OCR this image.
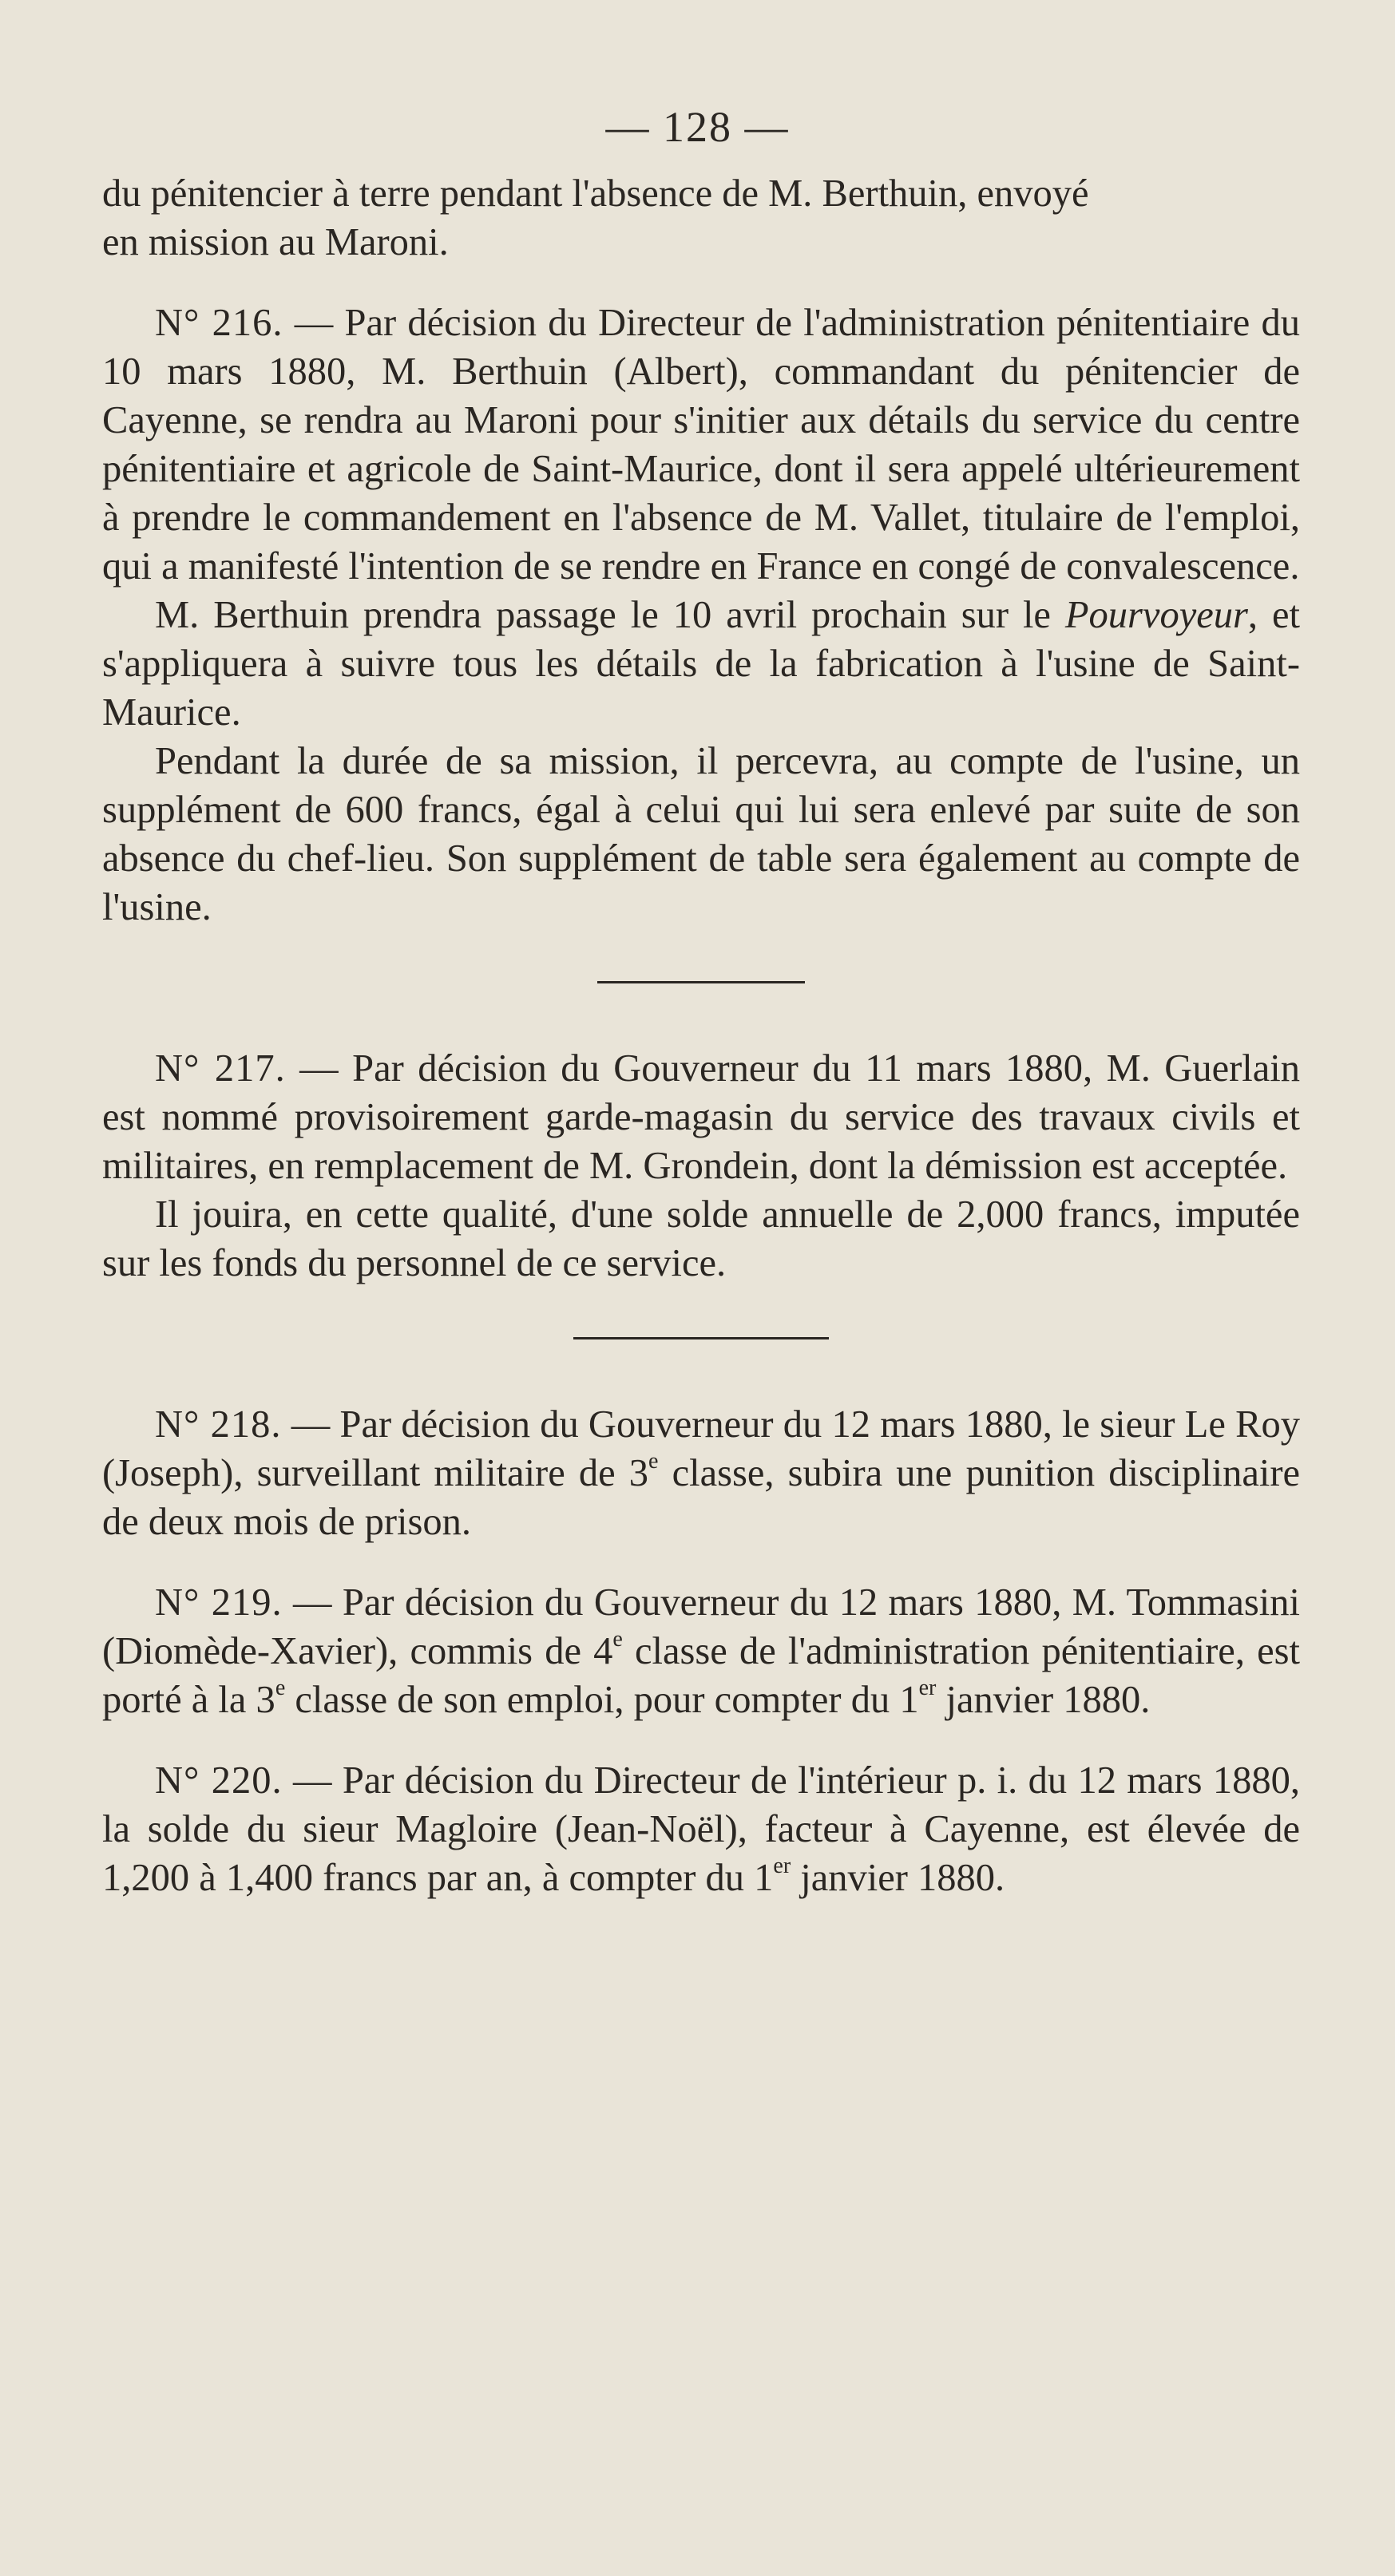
— 128 —

du pénitencier à terre pendant l'absence de M. Berthuin, envoyé
en mission au Maroni.

N° 216. — Par décision du Directeur de l'administration pénitentiaire du 10 mars 1880, M. Berthuin (Albert), commandant du pénitencier de Cayenne, se rendra au Maroni pour s'initier aux détails du service du centre pénitentiaire et agricole de Saint-Maurice, dont il sera appelé ultérieurement à prendre le commandement en l'absence de M. Vallet, titulaire de l'emploi, qui a manifesté l'intention de se rendre en France en congé de convalescence.

M. Berthuin prendra passage le 10 avril prochain sur le Pourvoyeur, et s'appliquera à suivre tous les détails de la fabrication à l'usine de Saint-Maurice.

Pendant la durée de sa mission, il percevra, au compte de l'usine, un supplément de 600 francs, égal à celui qui lui sera enlevé par suite de son absence du chef-lieu. Son supplément de table sera également au compte de l'usine.

N° 217. — Par décision du Gouverneur du 11 mars 1880, M. Guerlain est nommé provisoirement garde-magasin du service des travaux civils et militaires, en remplacement de M. Grondein, dont la démission est acceptée.

Il jouira, en cette qualité, d'une solde annuelle de 2,000 francs, imputée sur les fonds du personnel de ce service.

N° 218. — Par décision du Gouverneur du 12 mars 1880, le sieur Le Roy (Joseph), surveillant militaire de 3e classe, subira une punition disciplinaire de deux mois de prison.

N° 219. — Par décision du Gouverneur du 12 mars 1880, M. Tommasini (Diomède-Xavier), commis de 4e classe de l'administration pénitentiaire, est porté à la 3e classe de son emploi, pour compter du 1er janvier 1880.

N° 220. — Par décision du Directeur de l'intérieur p. i. du 12 mars 1880, la solde du sieur Magloire (Jean-Noël), facteur à Cayenne, est élevée de 1,200 à 1,400 francs par an, à compter du 1er janvier 1880.
